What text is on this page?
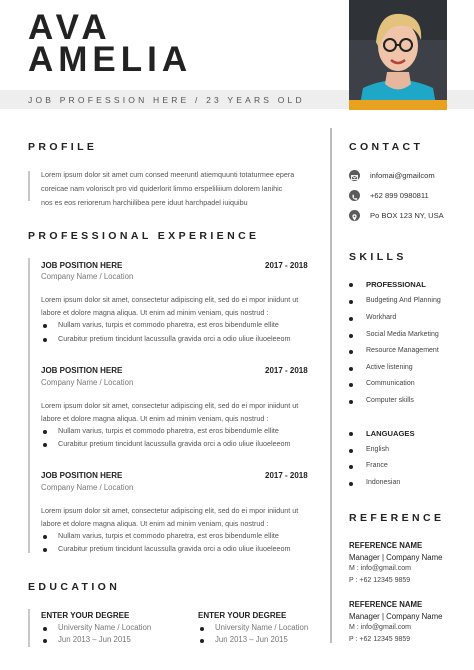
AVA
AMELIA
JOB PROFESSION HERE / 23 YEARS OLD
PROFILE
Lorem ipsum dolor sit amet cum consed meeruntl atiemquunti totaturmee epera
coreicae nam volorisclt pro vid quiderlorit limmo erspeliliiium dolorem lanihic
nos es eos reriorerum harchiilibea pere iduut harchpadel iuiquibu
PROFESSIONAL EXPERIENCE
JOB POSITION HERE	2017 - 2018
Company Name / Location
Lorem ipsum dolor sit amet, consectetur adipiscing elit, sed do ei mpor iniidunt ut
labore et dolore magna aliqua. Ut enim ad minim veniam, quis nostrud :
Nullam varius, turpis et commodo pharetra, est eros bibendumle ellite
Curabitur pretium tincidunt lacussulla gravida orci a odio uliue iluoeleeom
JOB POSITION HERE	2017 - 2018
Company Name / Location
Lorem ipsum dolor sit amet, consectetur adipiscing elit, sed do ei mpor iniidunt ut
labore et dolore magna aliqua. Ut enim ad minim veniam, quis nostrud :
Nullam varius, turpis et commodo pharetra, est eros bibendumle ellite
Curabitur pretium tincidunt lacussulla gravida orci a odio uliue iluoeleeom
JOB POSITION HERE	2017 - 2018
Company Name / Location
Lorem ipsum dolor sit amet, consectetur adipiscing elit, sed do ei mpor iniidunt ut
labore et dolore magna aliqua. Ut enim ad minim veniam, quis nostrud :
Nullam varius, turpis et commodo pharetra, est eros bibendumle ellite
Curabitur pretium tincidunt lacussulla gravida orci a odio uliue iluoeleeom
EDUCATION
ENTER YOUR DEGREE
University Name / Location
Jun 2013 – Jun 2015
ENTER YOUR DEGREE
University Name / Location
Jun 2013 – Jun 2015
CONTACT
infomai@gmailcom
+62 899 0980811
Po BOX 123 NY, USA
SKILLS
PROFESSIONAL
Budgeting And Planning
Workhard
Social Media Marketing
Resource Management
Active listening
Communication
Computer skills
LANGUAGES
English
France
Indonesian
REFERENCE
REFERENCE NAME
Manager | Company Name
M : info@gmail.com
P : +62 12345 9859
REFERENCE NAME
Manager | Company Name
M : info@gmail.com
P : +62 12345 9859
